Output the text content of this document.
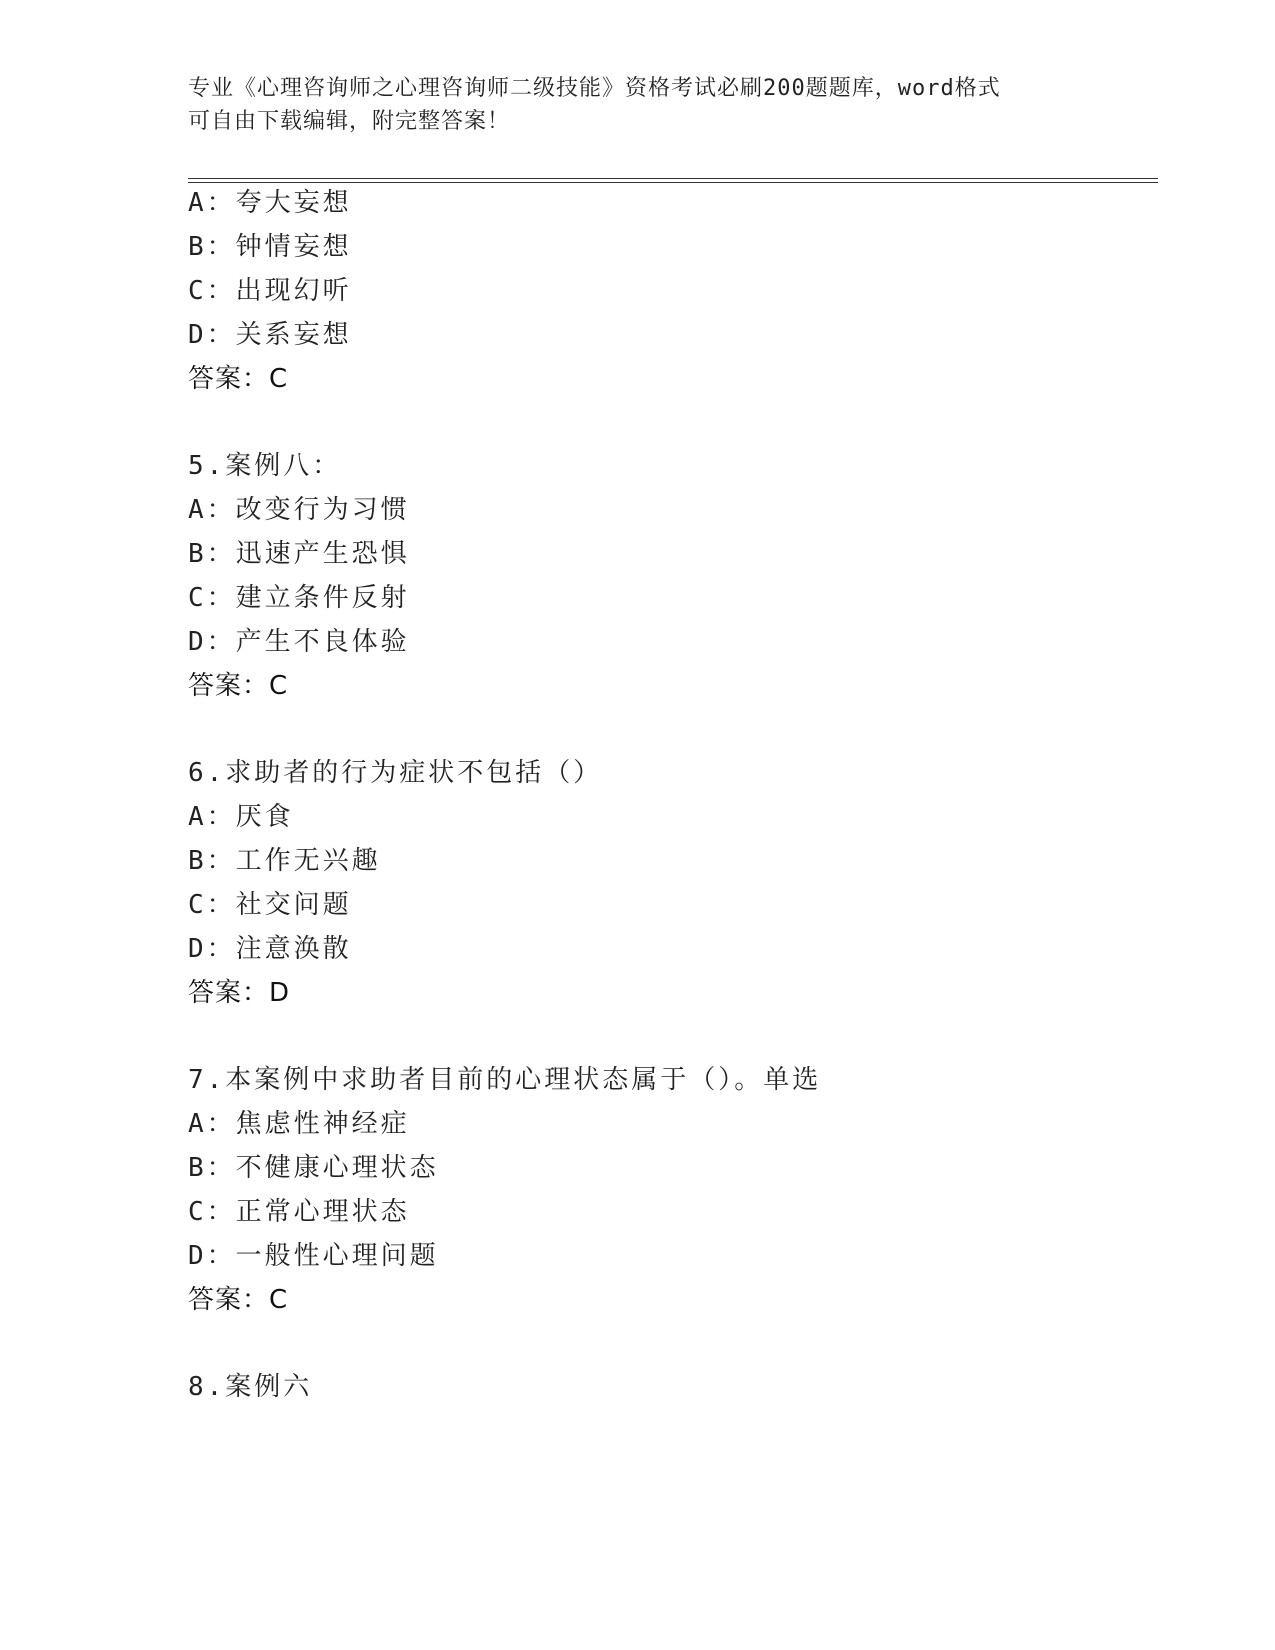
专业《心理咨询师之心理咨询师二级技能》资格考试必刷200题题库，word格式
可自由下载编辑，附完整答案！
A：夸大妄想
B：钟情妄想
C：出现幻听
D：关系妄想
答案：C
5.案例八：
A：改变行为习惯
B：迅速产生恐惧
C：建立条件反射
D：产生不良体验
答案：C
6.求助者的行为症状不包括（）
A：厌食
B：工作无兴趣
C：社交问题
D：注意涣散
答案：D
7.本案例中求助者目前的心理状态属于（）。单选
A：焦虑性神经症
B：不健康心理状态
C：正常心理状态
D：一般性心理问题
答案：C
8.案例六
